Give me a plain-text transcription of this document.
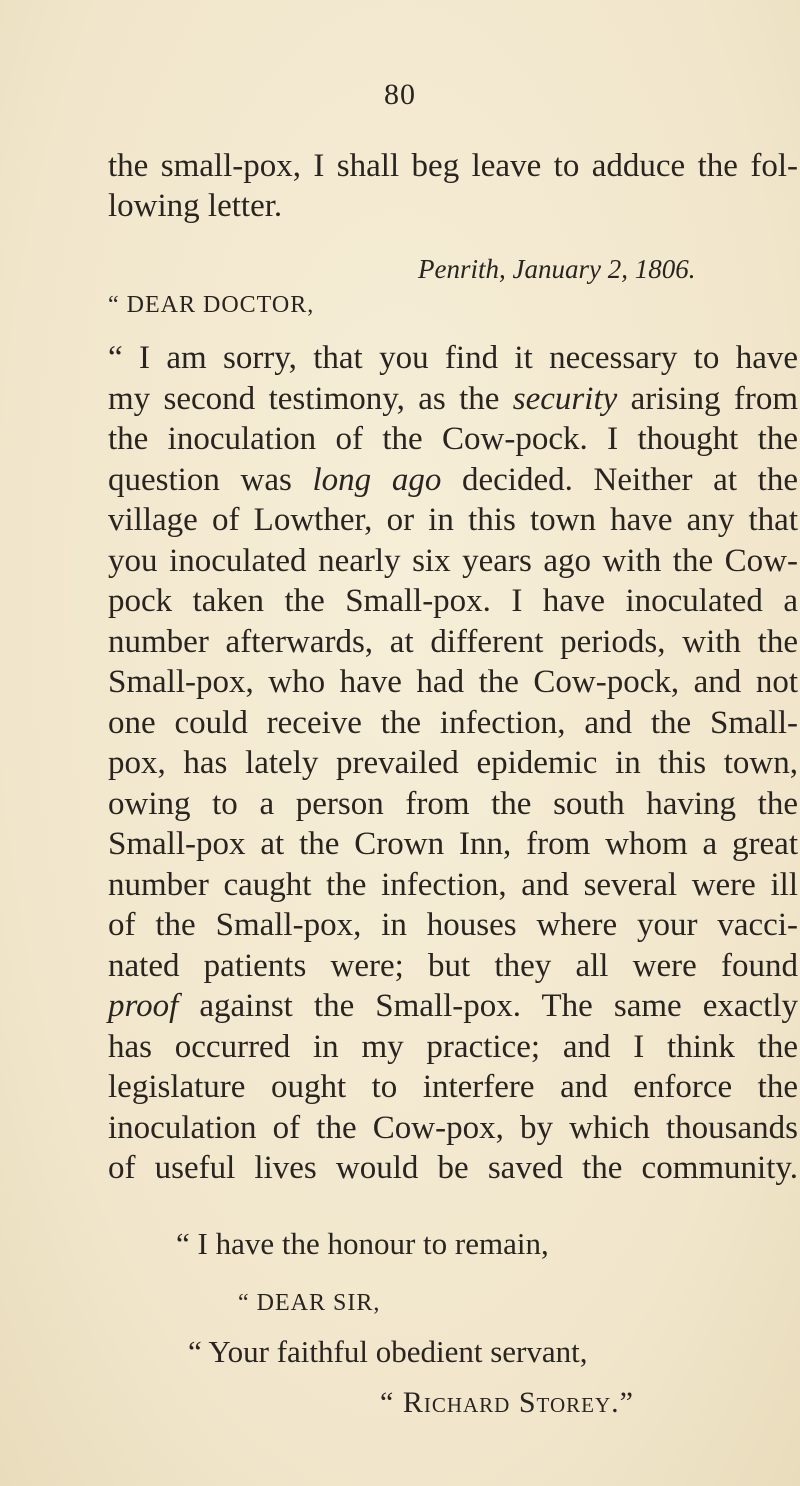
80
the small-pox, I shall beg leave to adduce the fol-
lowing letter.
Penrith, January 2, 1806.
“ DEAR DOCTOR,
“ I am sorry, that you find it necessary to have
my second testimony, as the security arising from
the inoculation of the Cow-pock. I thought the
question was long ago decided. Neither at the
village of Lowther, or in this town have any that
you inoculated nearly six years ago with the Cow-
pock taken the Small-pox. I have inoculated a
number afterwards, at different periods, with the
Small-pox, who have had the Cow-pock, and not
one could receive the infection, and the Small-
pox, has lately prevailed epidemic in this town,
owing to a person from the south having the
Small-pox at the Crown Inn, from whom a great
number caught the infection, and several were ill
of the Small-pox, in houses where your vacci-
nated patients were; but they all were found
proof against the Small-pox. The same exactly
has occurred in my practice; and I think the
legislature ought to interfere and enforce the
inoculation of the Cow-pox, by which thousands
of useful lives would be saved the community.
“ I have the honour to remain,
“ DEAR SIR,
“ Your faithful obedient servant,
“ Richard Storey.”
